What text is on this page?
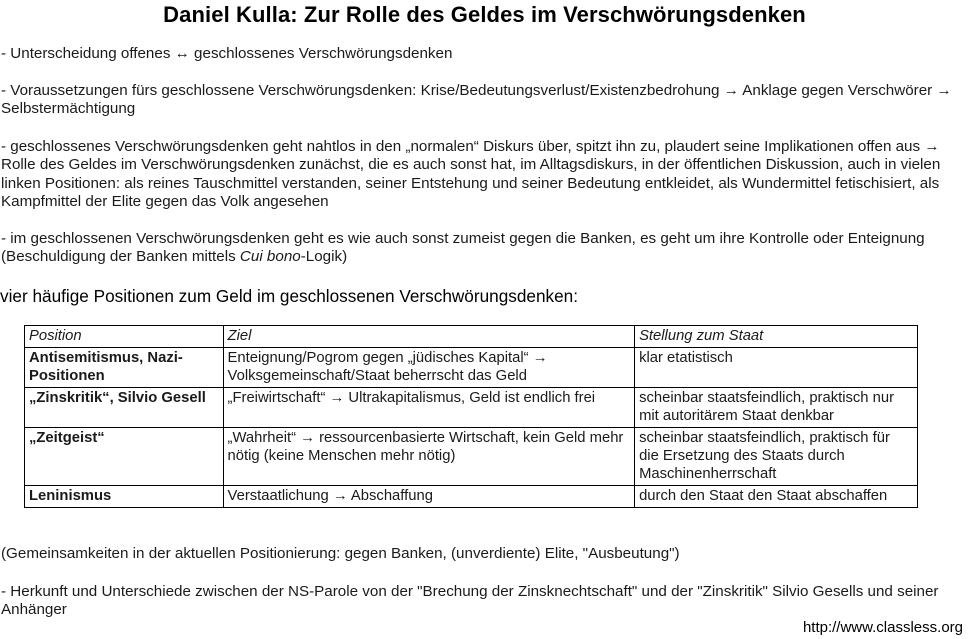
Daniel Kulla: Zur Rolle des Geldes im Verschwörungsdenken
- Unterscheidung offenes ↔ geschlossenes Verschwörungsdenken
- Voraussetzungen fürs geschlossene Verschwörungsdenken: Krise/Bedeutungsverlust/Existenzbedrohung → Anklage gegen Verschwörer → Selbstermächtigung
- geschlossenes Verschwörungsdenken geht nahtlos in den „normalen“ Diskurs über, spitzt ihn zu, plaudert seine Implikationen offen aus → Rolle des Geldes im Verschwörungsdenken zunächst, die es auch sonst hat, im Alltagsdiskurs, in der öffentlichen Diskussion, auch in vielen linken Positionen: als reines Tauschmittel verstanden, seiner Entstehung und seiner Bedeutung entkleidet, als Wundermittel fetischisiert, als Kampfmittel der Elite gegen das Volk angesehen
- im geschlossenen Verschwörungsdenken geht es wie auch sonst zumeist gegen die Banken, es geht um ihre Kontrolle oder Enteignung (Beschuldigung der Banken mittels Cui bono-Logik)
vier häufige Positionen zum Geld im geschlossenen Verschwörungsdenken:
Position	Ziel	Stellung zum Staat
Antisemitismus, Nazi-Positionen	Enteignung/Pogrom gegen „jüdisches Kapital“ → Volksgemeinschaft/Staat beherrscht das Geld	klar etatistisch
„Zinskritik“, Silvio Gesell	„Freiwirtschaft“ → Ultrakapitalismus, Geld ist endlich frei	scheinbar staatsfeindlich, praktisch nur mit autoritärem Staat denkbar
„Zeitgeist“	„Wahrheit“ → ressourcenbasierte Wirtschaft, kein Geld mehr nötig (keine Menschen mehr nötig)	scheinbar staatsfeindlich, praktisch für die Ersetzung des Staats durch Maschinenherrschaft
Leninismus	Verstaatlichung → Abschaffung	durch den Staat den Staat abschaffen
(Gemeinsamkeiten in der aktuellen Positionierung: gegen Banken, (unverdiente) Elite, "Ausbeutung")
- Herkunft und Unterschiede zwischen der NS-Parole von der "Brechung der Zinsknechtschaft" und der "Zinskritik" Silvio Gesells und seiner Anhänger
http://www.classless.org
